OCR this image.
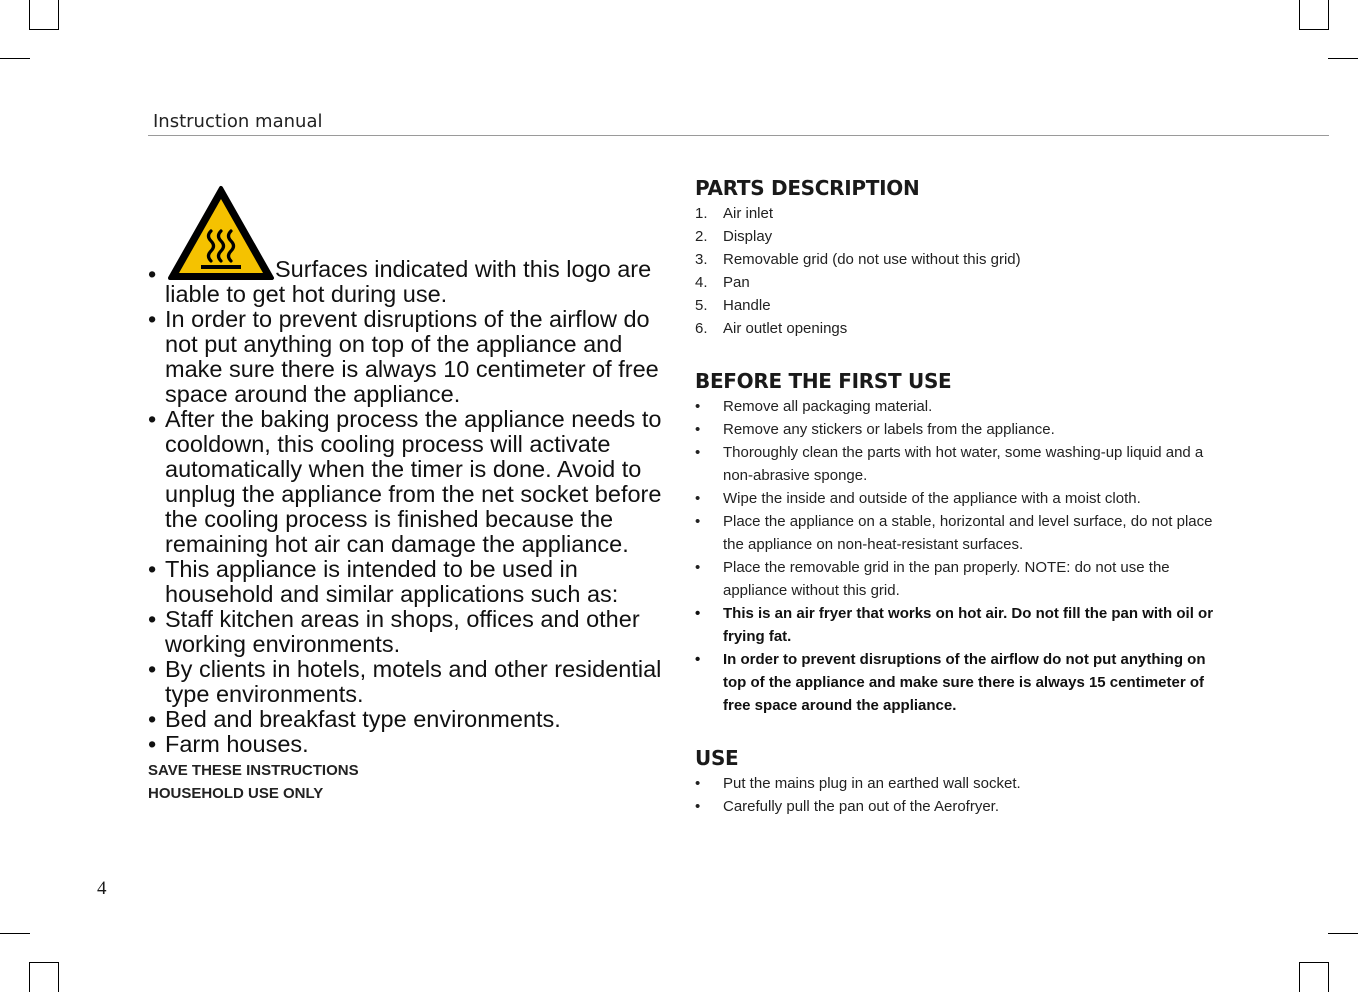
Instruction manual
•	Surfaces indicated with this logo are liable to get hot during use.
• In order to prevent disruptions of the airflow do not put anything on top of the appliance and make sure there is always 10 centimeter of free space around the appliance.
• After the baking process the appliance needs to cooldown, this cooling process will activate automatically when the timer is done. Avoid to unplug the appliance from the net socket before the cooling process is finished because the remaining hot air can damage the appliance.
• This appliance is intended to be used in household and similar applications such as:
• Staff kitchen areas in shops, offices and other working environments.
• By clients in hotels, motels and other residential type environments.
• Bed and breakfast type environments.
• Farm houses.
SAVE THESE INSTRUCTIONS
HOUSEHOLD USE ONLY
PARTS DESCRIPTION
1. Air inlet
2. Display
3. Removable grid (do not use without this grid)
4. Pan
5. Handle
6. Air outlet openings
BEFORE THE FIRST USE
• Remove all packaging material.
• Remove any stickers or labels from the appliance.
• Thoroughly clean the parts with hot water, some washing-up liquid and a non-abrasive sponge.
• Wipe the inside and outside of the appliance with a moist cloth.
• Place the appliance on a stable, horizontal and level surface, do not place the appliance on non-heat-resistant surfaces.
• Place the removable grid in the pan properly. NOTE: do not use the appliance without this grid.
• This is an air fryer that works on hot air. Do not fill the pan with oil or frying fat.
• In order to prevent disruptions of the airflow do not put anything on top of the appliance and make sure there is always 15 centimeter of free space around the appliance.
USE
• Put the mains plug in an earthed wall socket.
• Carefully pull the pan out of the Aerofryer.
4
